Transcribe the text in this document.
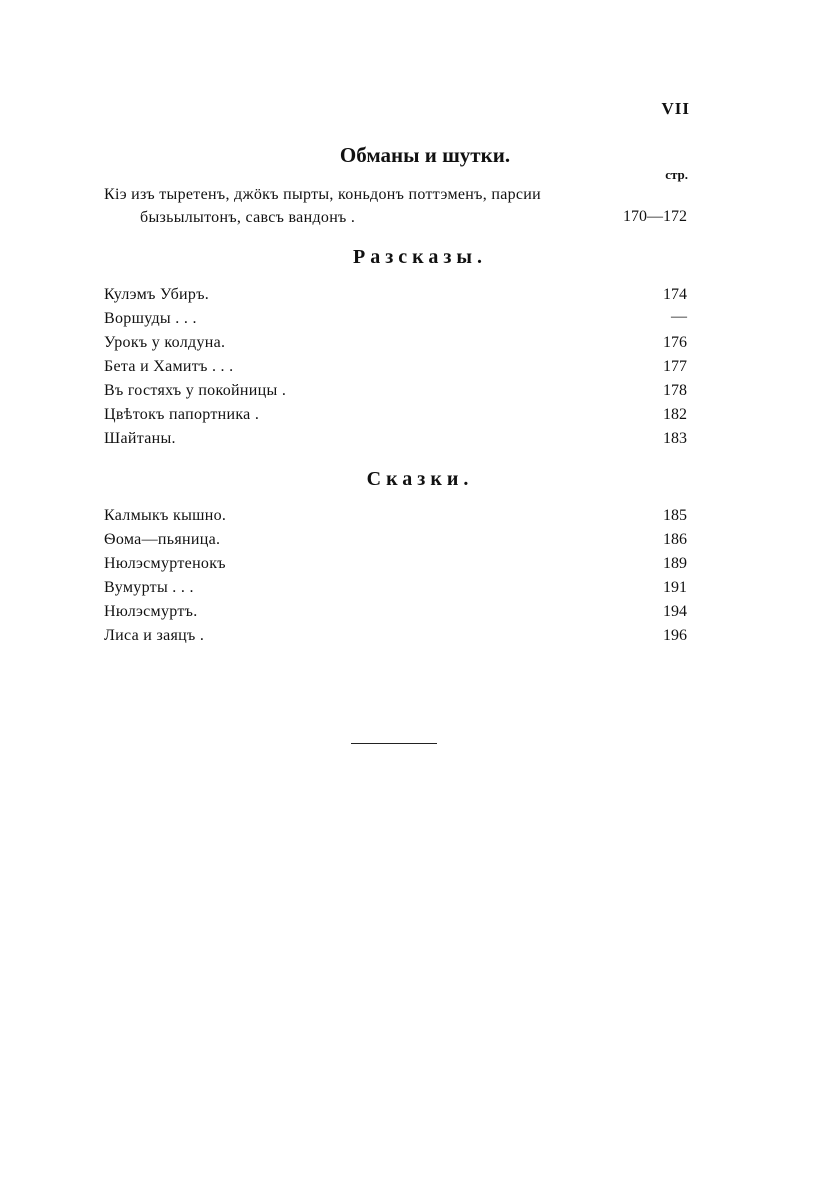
VII
Обманы и шутки.
стр.
Кiэ изъ тыретенъ, джöкъ пырты, коньдонъ поттэменъ, парсии
бызьылытонъ, савсъ вандонъ .	170—172
Разсказы.
Кулэмъ Убиръ.	174
Воршуды . . .	—
Урокъ у колдуна.	176
Бета и Хамитъ . . .	177
Въ гостяхъ у покойницы .	178
Цвѣтокъ папортника .	182
Шайтаны.	183
Сказки.
Калмыкъ кышно.	185
Ѳома—пьяница.	186
Нюлэсмуртенокъ	189
Вумурты . . .	191
Нюлэсмуртъ.	194
Лиса и заяцъ .	196
